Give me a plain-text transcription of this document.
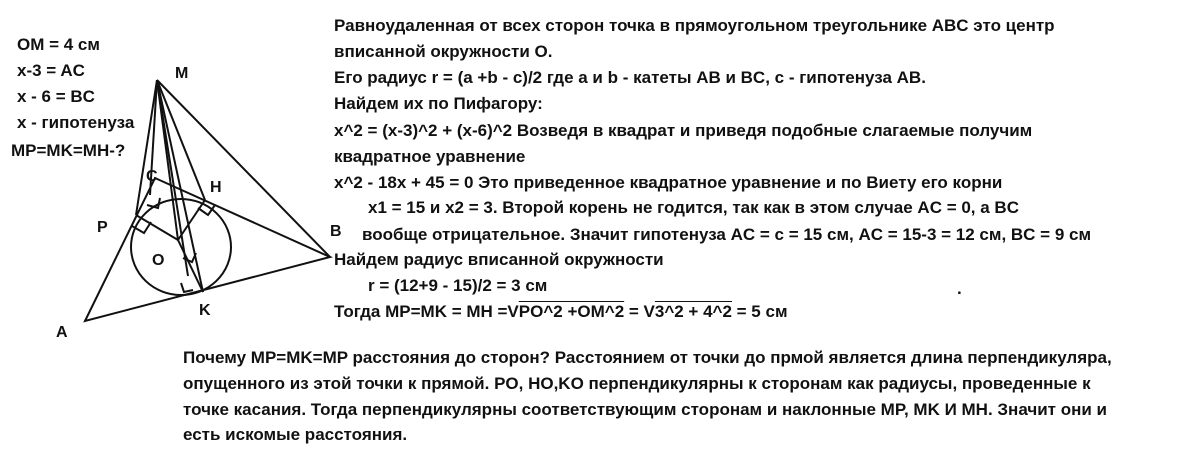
OM = 4 см
x-3 = AC
x - 6 = BC
x - гипотенуза
MP=MK=MH-?
M
C
H
P	B
O
K
A
Равноудаленная от всех сторон точка в прямоугольном треугольнике ABC это центр
вписанной окружности О.
Его радиус r = (a +b - c)/2 где a и b - катеты AB и BC, c - гипотенуза AB.
Найдем их по Пифагору:
x^2 = (x-3)^2 + (x-6)^2 Возведя в квадрат и приведя подобные слагаемые получим
квадратное уравнение
x^2 - 18x + 45 = 0 Это приведенное квадратное уравнение и по Виету его корни
x1 = 15 и x2 = 3. Второй корень не годится, так как в этом случае AC = 0, а BC
вообще отрицательное. Значит гипотенуза AC = c = 15 см, AC = 15-3 = 12 см, BC = 9 см
Найдем радиус вписанной окружности
r = (12+9 - 15)/2 = 3 см
Тогда MP=MK = MH =VPO^2 +OM^2 = V3^2 + 4^2 = 5 см
.
Почему MP=MK=MP расстояния до сторон? Расстоянием от точки до прмой является длина перпендикуляра,
опущенного из этой точки к прямой. PO, HO,KO перпендикулярны к сторонам как радиусы, проведенные к
точке касания. Тогда перпендикулярны соответствующим сторонам и наклонные MP, MK И MH. Значит они и
есть искомые расстояния.
